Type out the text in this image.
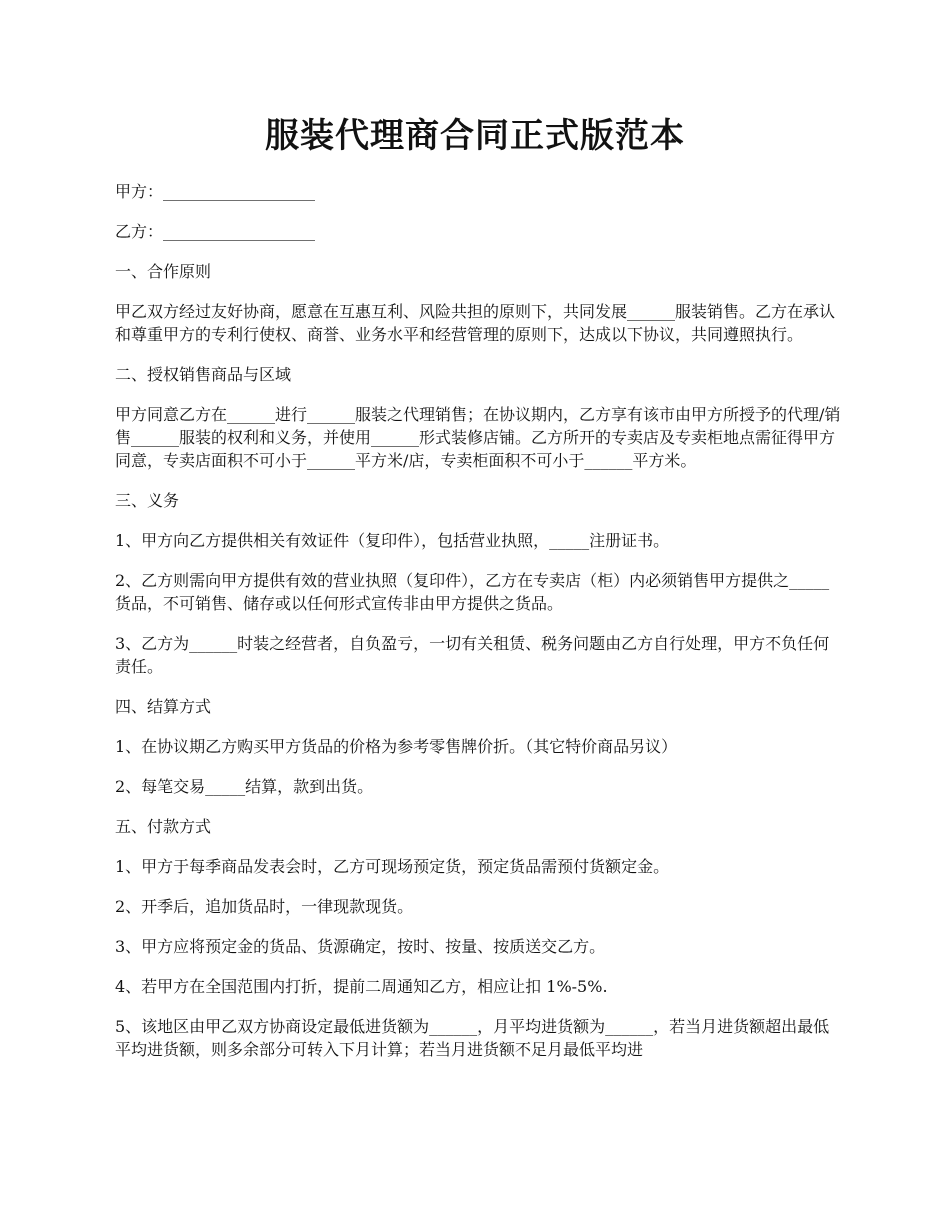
服装代理商合同正式版范本

甲方：___________________

乙方：___________________

一、合作原则

甲乙双方经过友好协商，愿意在互惠互利、风险共担的原则下，共同发展______服装销售。乙方在承认和尊重甲方的专利行使权、商誉、业务水平和经营管理的原则下，达成以下协议，共同遵照执行。

二、授权销售商品与区域

甲方同意乙方在______进行______服装之代理销售；在协议期内，乙方享有该市由甲方所授予的代理/销售______服装的权利和义务，并使用______形式装修店铺。乙方所开的专卖店及专卖柜地点需征得甲方同意，专卖店面积不可小于______平方米/店，专卖柜面积不可小于______平方米。

三、义务

1、甲方向乙方提供相关有效证件（复印件），包括营业执照，_____注册证书。

2、乙方则需向甲方提供有效的营业执照（复印件），乙方在专卖店（柜）内必须销售甲方提供之_____货品，不可销售、储存或以任何形式宣传非由甲方提供之货品。

3、乙方为______时装之经营者，自负盈亏，一切有关租赁、税务问题由乙方自行处理，甲方不负任何责任。

四、结算方式

1、在协议期乙方购买甲方货品的价格为参考零售牌价折。（其它特价商品另议）

2、每笔交易_____结算，款到出货。

五、付款方式

1、甲方于每季商品发表会时，乙方可现场预定货，预定货品需预付货额定金。

2、开季后，追加货品时，一律现款现货。

3、甲方应将预定金的货品、货源确定，按时、按量、按质送交乙方。

4、若甲方在全国范围内打折，提前二周通知乙方，相应让扣 1%-5%.

5、该地区由甲乙双方协商设定最低进货额为______，月平均进货额为______，若当月进货额超出最低平均进货额，则多余部分可转入下月计算；若当月进货额不足月最低平均进
